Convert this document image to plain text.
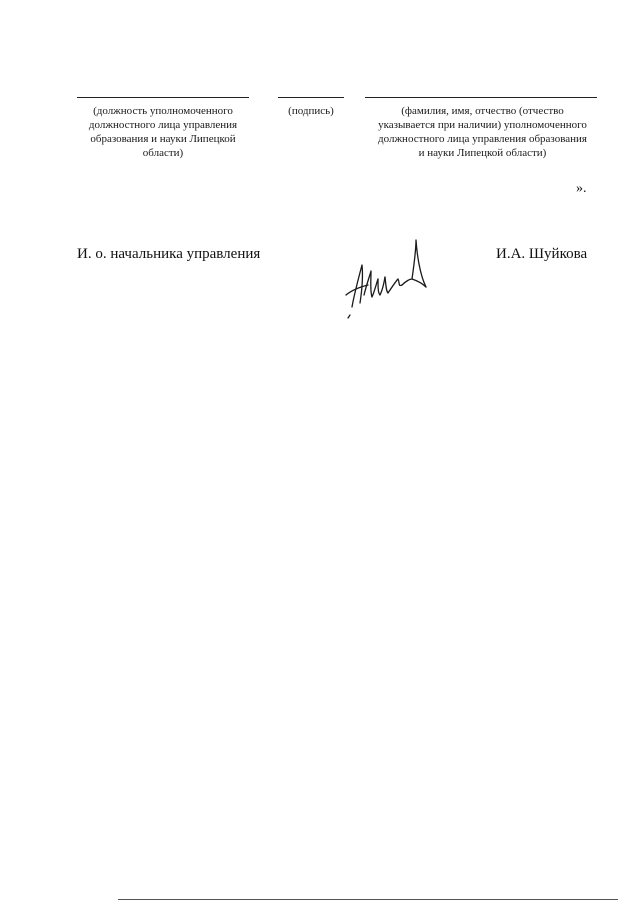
(должность уполномоченного должностного лица управления образования и науки Липецкой области)
(подпись)	(фамилия, имя, отчество (отчество указывается при наличии) уполномоченного должностного лица управления образования и науки Липецкой области)
».
И. о. начальника управления	И.А. Шуйкова
